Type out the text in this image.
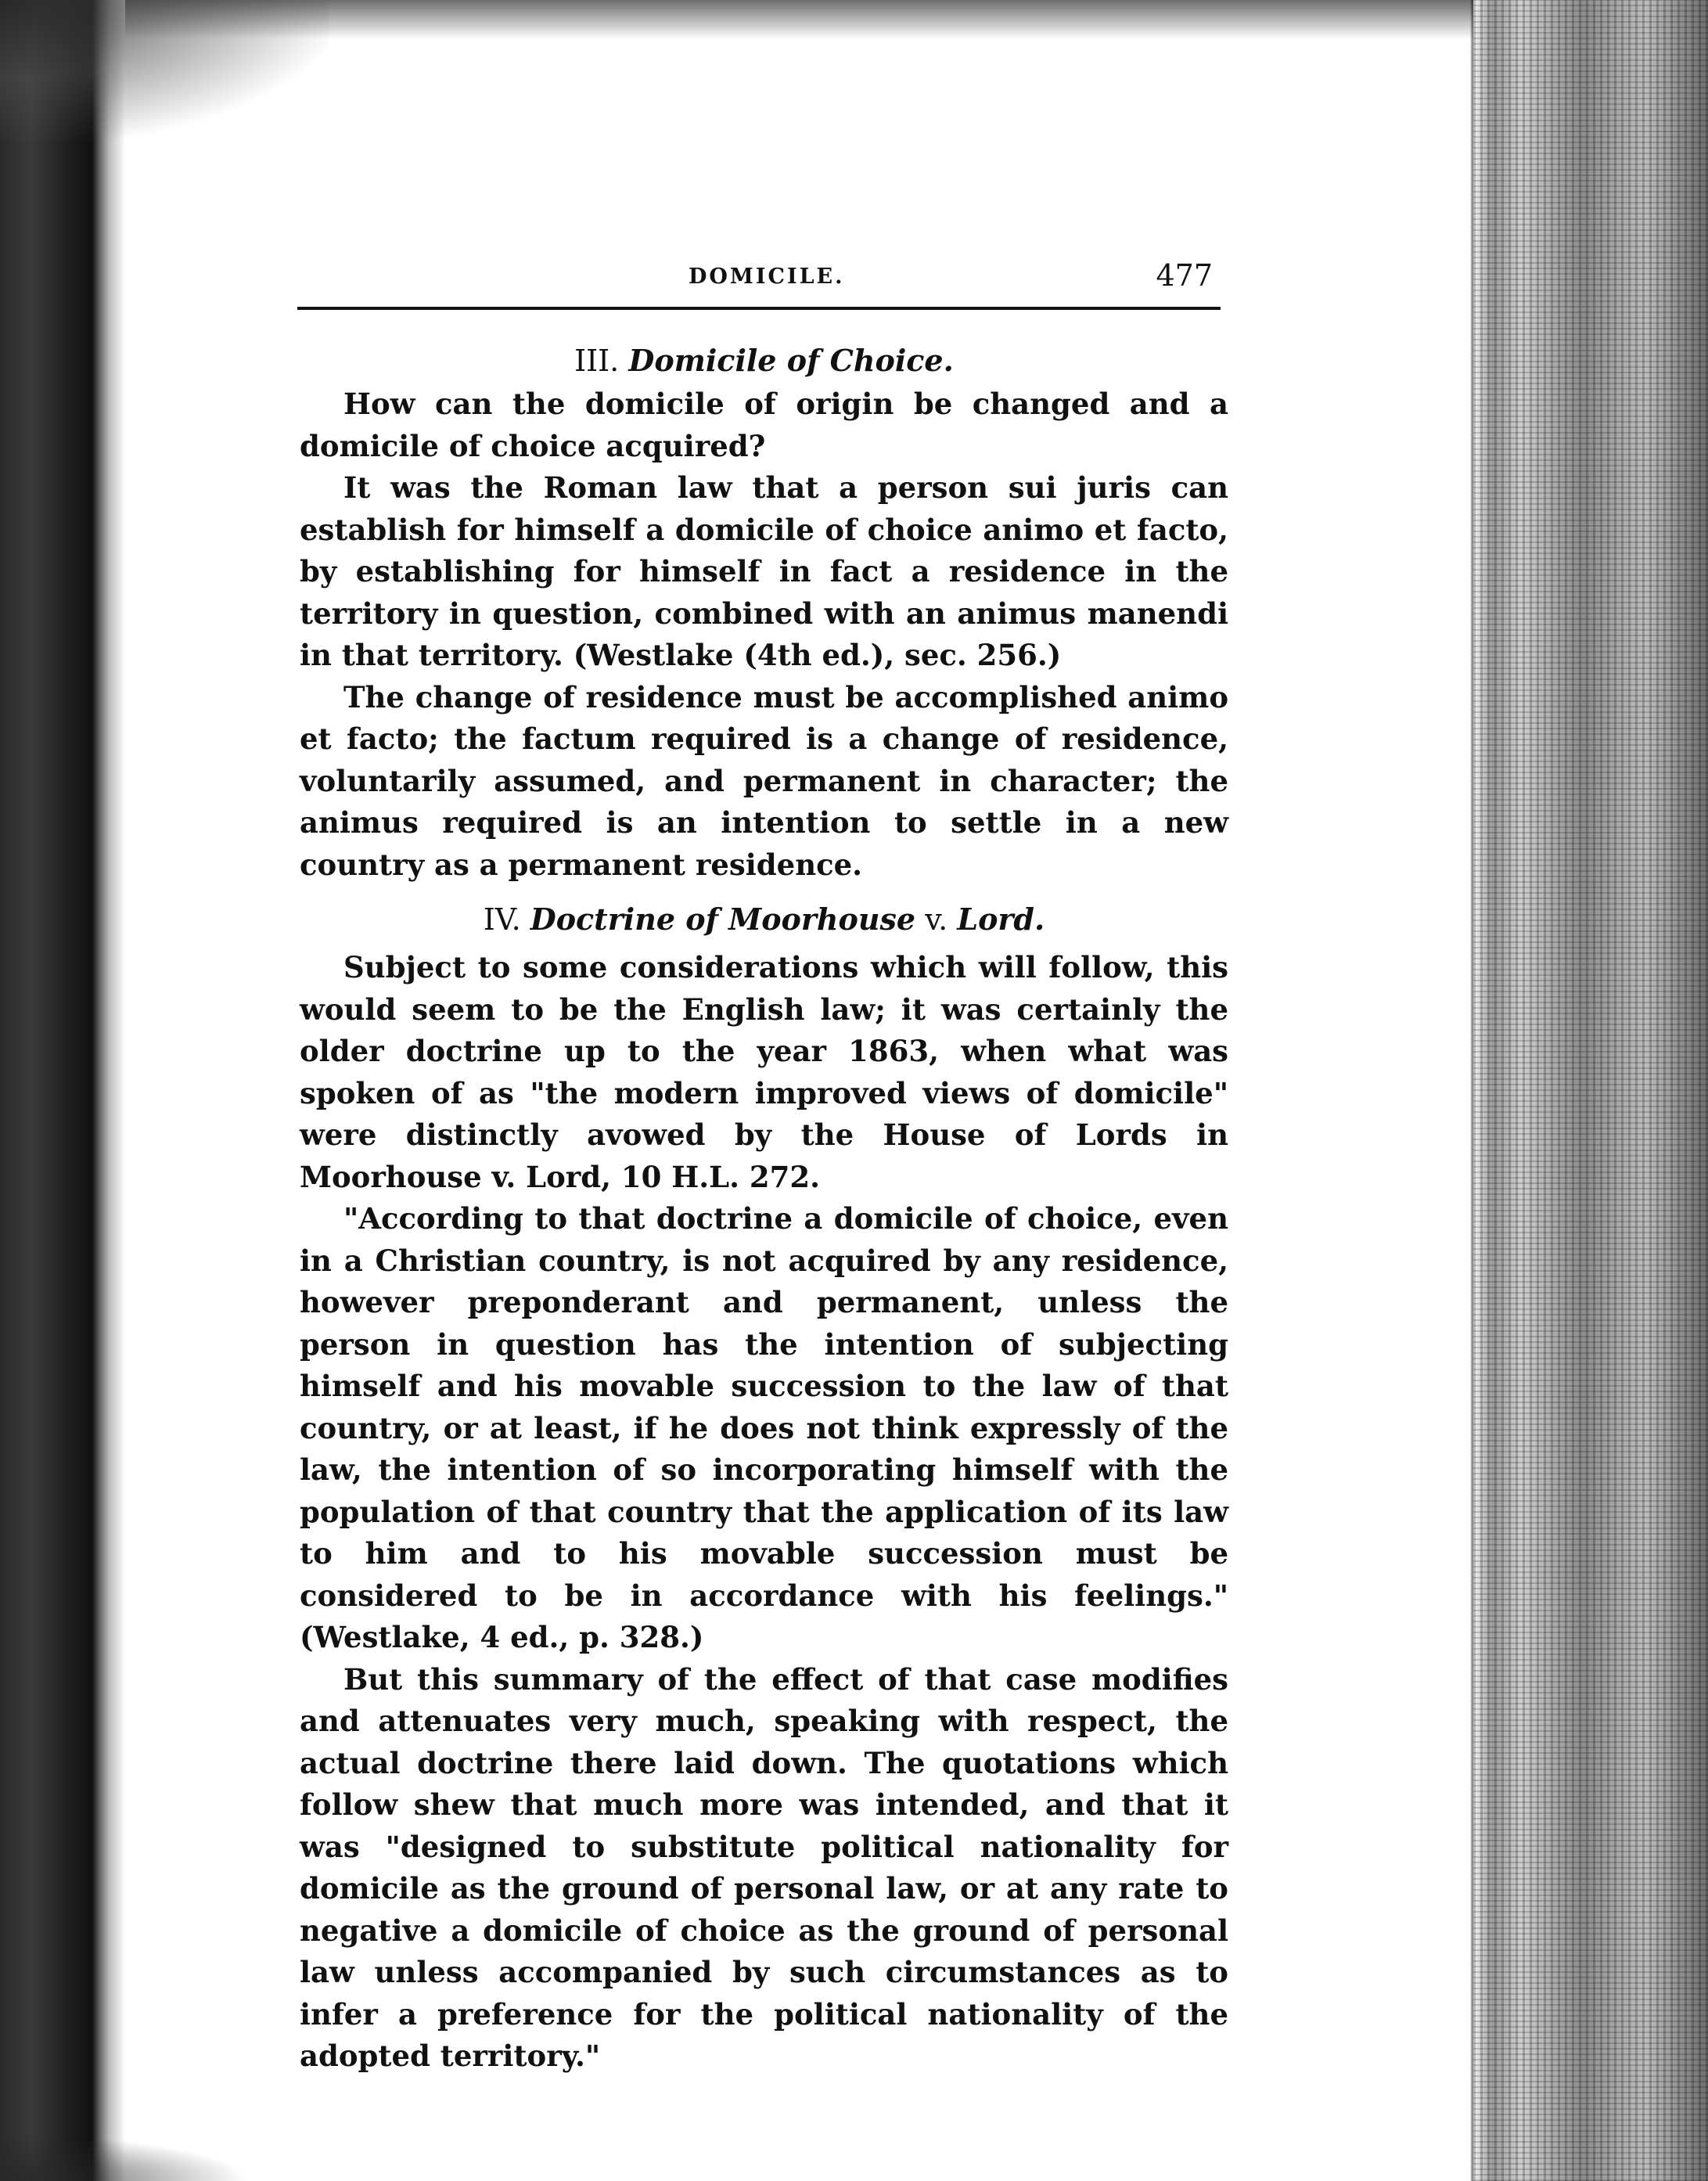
DOMICILE.	477
III. Domicile of Choice.

How can the domicile of origin be changed and a domicile of choice acquired?

It was the Roman law that a person sui juris can establish for himself a domicile of choice animo et facto, by establishing for himself in fact a residence in the territory in question, combined with an animus manendi in that territory. (Westlake (4th ed.), sec. 256.)

The change of residence must be accomplished animo et facto; the factum required is a change of residence, voluntarily assumed, and permanent in character; the animus required is an intention to settle in a new country as a permanent residence.

IV. Doctrine of Moorhouse v. Lord.

Subject to some considerations which will follow, this would seem to be the English law; it was certainly the older doctrine up to the year 1863, when what was spoken of as "the modern improved views of domicile" were distinctly avowed by the House of Lords in Moorhouse v. Lord, 10 H.L. 272.

"According to that doctrine a domicile of choice, even in a Christian country, is not acquired by any residence, however preponderant and permanent, unless the person in question has the intention of subjecting himself and his movable succession to the law of that country, or at least, if he does not think expressly of the law, the intention of so incorporating himself with the population of that country that the application of its law to him and to his movable succession must be considered to be in accordance with his feelings." (Westlake, 4 ed., p. 328.)

But this summary of the effect of that case modifies and attenuates very much, speaking with respect, the actual doctrine there laid down. The quotations which follow shew that much more was intended, and that it was "designed to substitute political nationality for domicile as the ground of personal law, or at any rate to negative a domicile of choice as the ground of personal law unless accompanied by such circumstances as to infer a preference for the political nationality of the adopted territory."
